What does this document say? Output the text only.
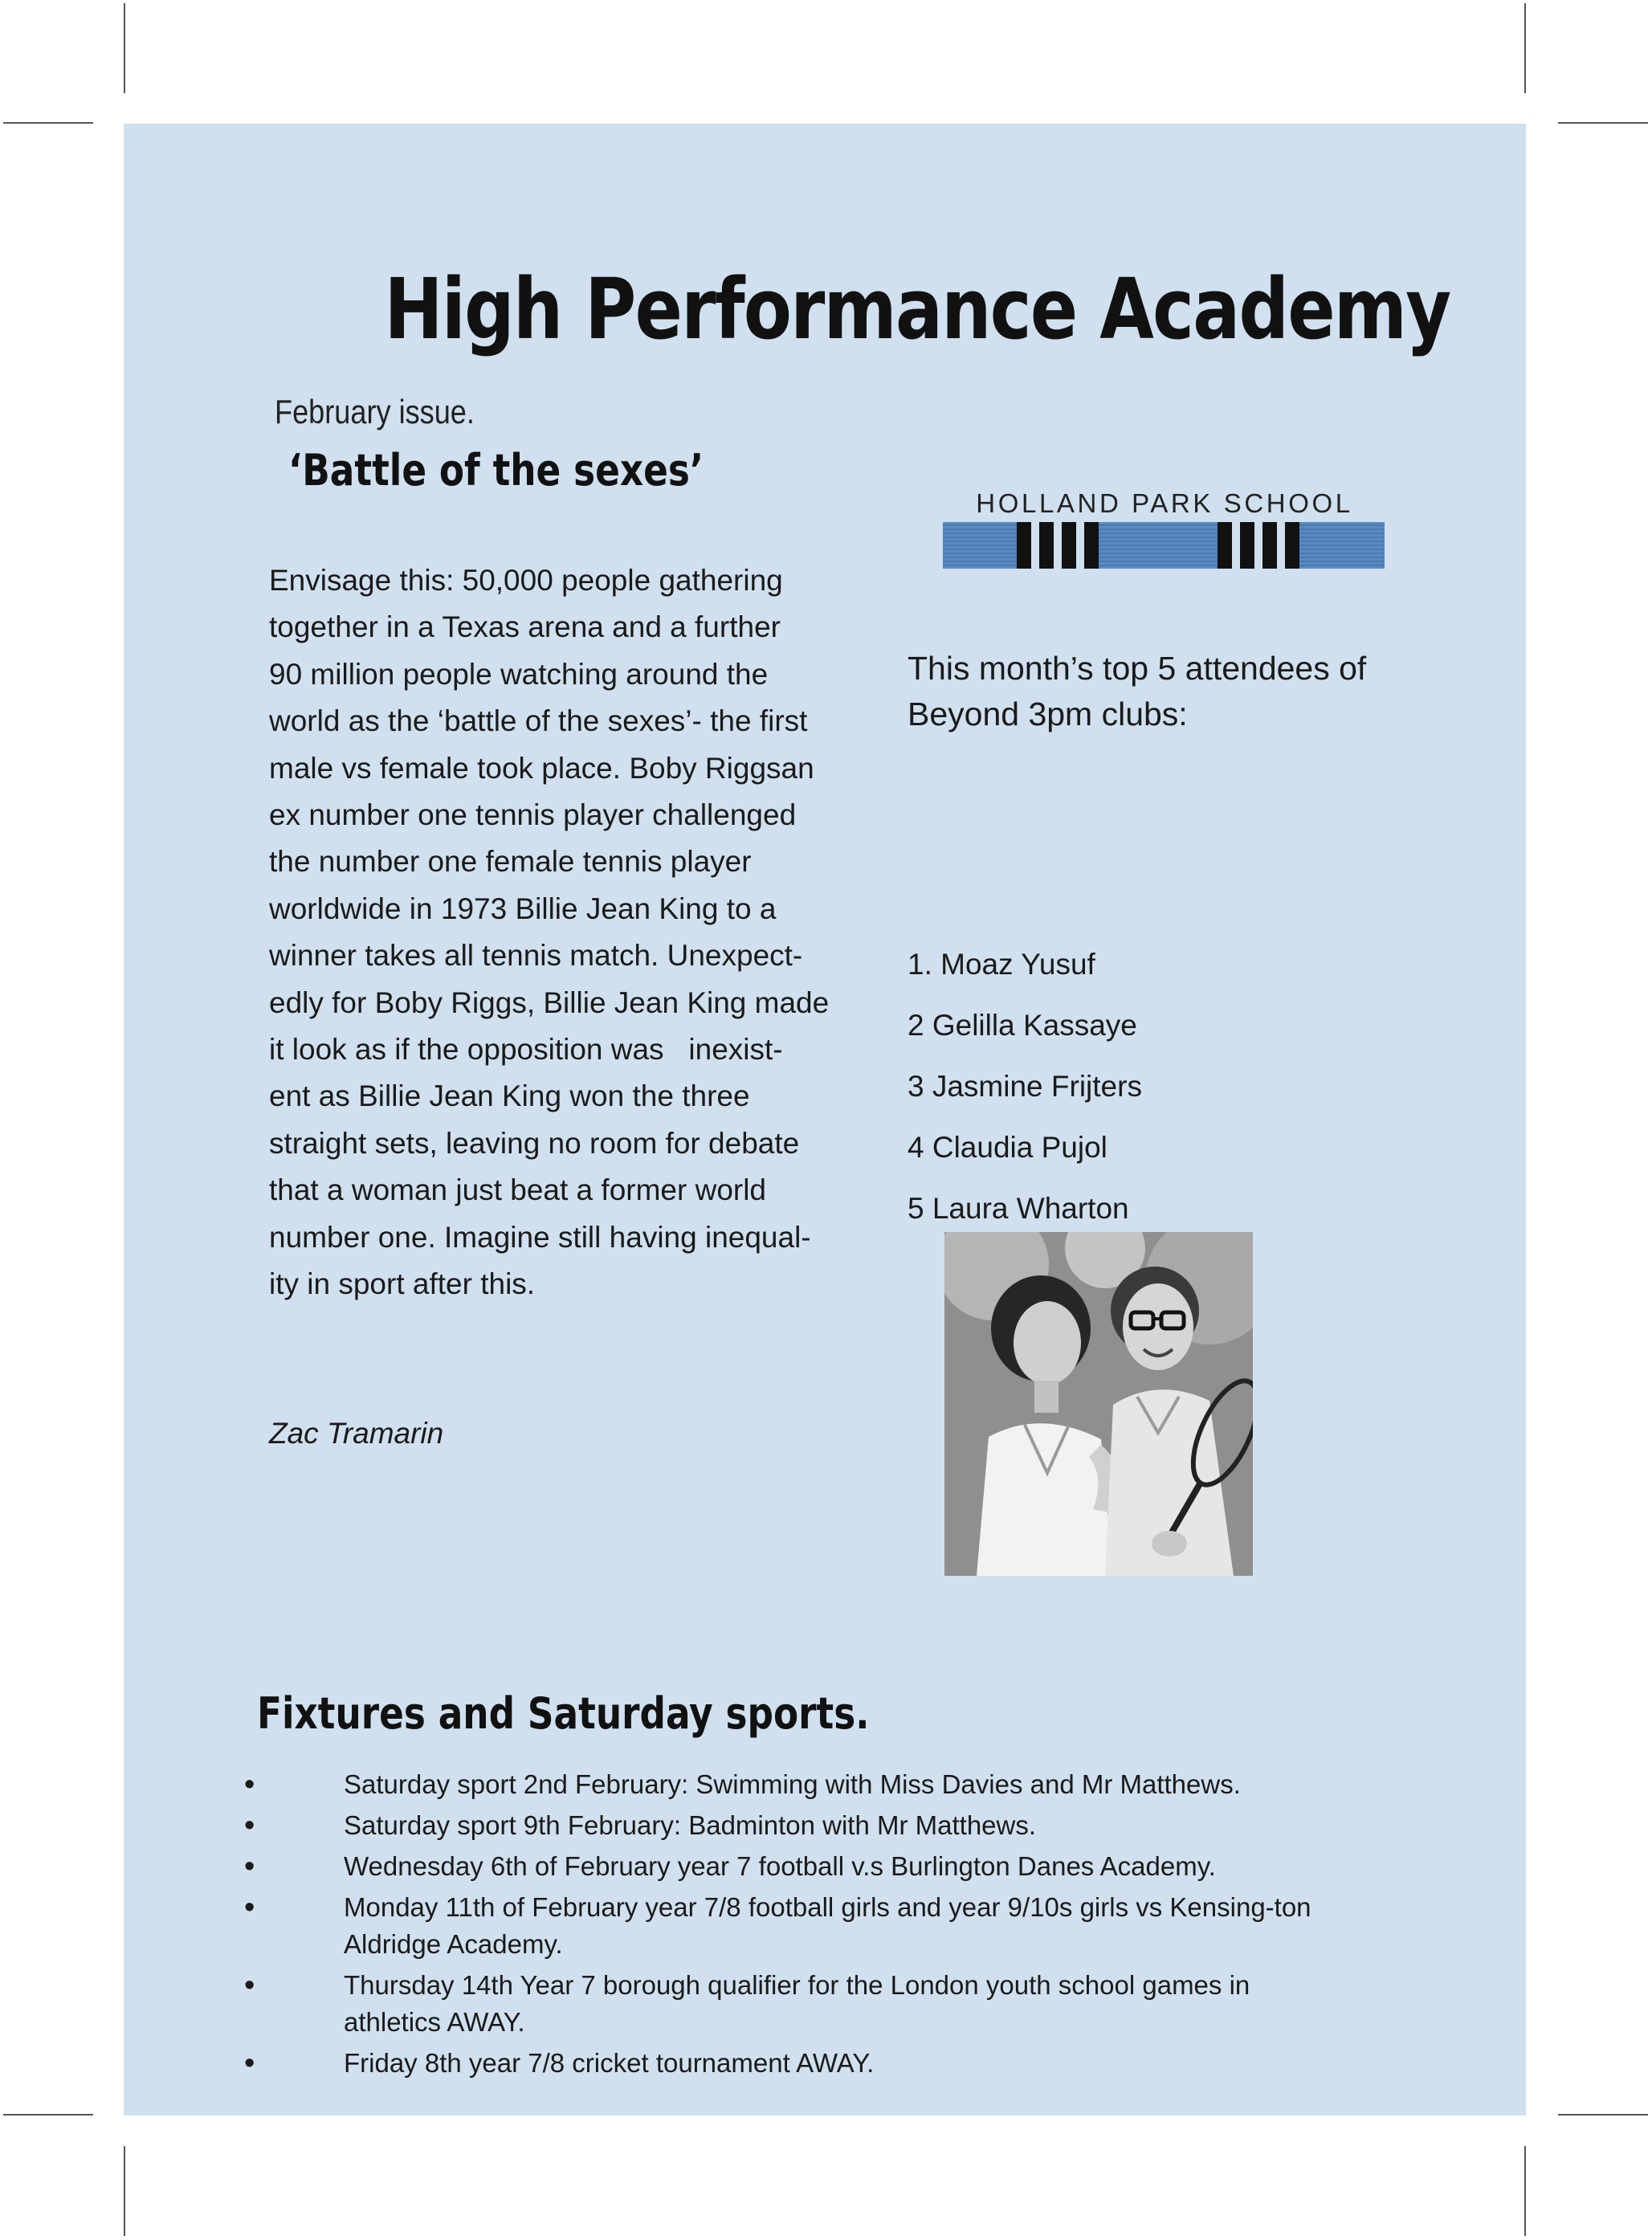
High Performance Academy
February issue.
‘Battle of the sexes’

Envisage this: 50,000 people gathering
together in a Texas arena and a further
90 million people watching around the
world as the ‘battle of the sexes’- the first
male vs female took place. Boby Riggsan
ex number one tennis player challenged
the number one female tennis player
worldwide in 1973 Billie Jean King to a
winner takes all tennis match. Unexpect-
edly for Boby Riggs, Billie Jean King made
it look as if the opposition was   inexist-
ent as Billie Jean King won the three
straight sets, leaving no room for debate
that a woman just beat a former world
number one. Imagine still having inequal-
ity in sport after this.

Zac Tramarin
HOLLAND PARK SCHOOL
This month’s top 5 attendees of Beyond 3pm clubs:
1. Moaz Yusuf
2 Gelilla Kassaye
3 Jasmine Frijters
4 Claudia Pujol
5 Laura Wharton
Fixtures and Saturday sports.
•	Saturday sport 2nd February: Swimming with Miss Davies and Mr Matthews.
•	Saturday sport 9th February: Badminton with Mr Matthews.
•	Wednesday 6th of February year 7 football v.s Burlington Danes Academy.
•	Monday 11th of February year 7/8 football girls and year 9/10s girls vs Kensing-ton Aldridge Academy.
•	Thursday 14th Year 7 borough qualifier for the London youth school games in athletics AWAY.
•	Friday 8th year 7/8 cricket tournament AWAY.
